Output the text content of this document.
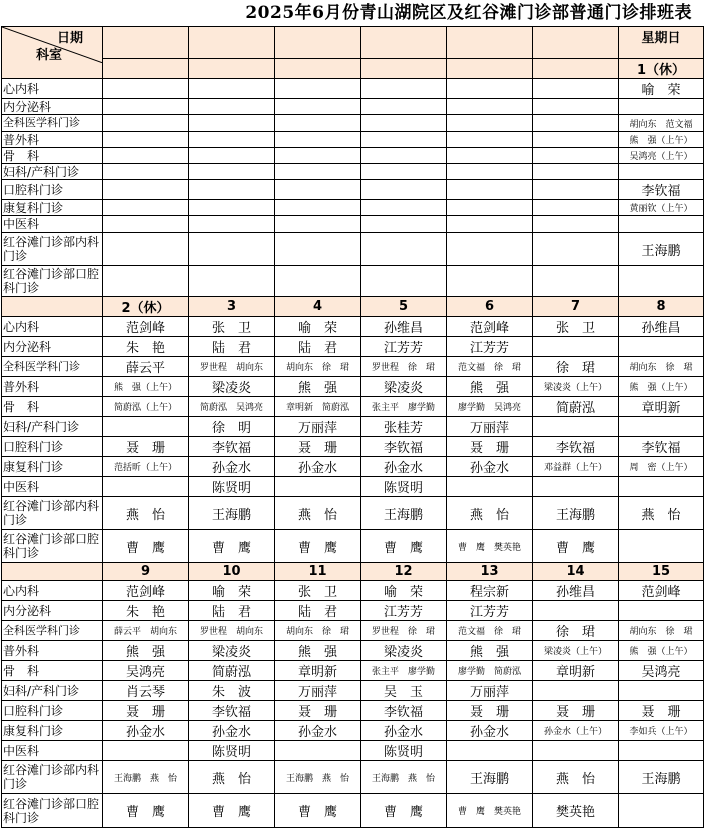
2025年6月份青山湖院区及红谷滩门诊部普通门诊排班表
日期
科室							星期日
							1（休）
心内科							喻　荣
内分泌科							
全科医学科门诊							胡向东　范文福
普外科							熊　强（上午）
骨　科							吴鸿亮（上午）
妇科/产科门诊							
口腔科门诊							李钦福
康复科门诊							黄丽钦（上午）
中医科							
红谷滩门诊部内科门诊							王海鹏
红谷滩门诊部口腔科门诊							
	2（休）	3	4	5	6	7	8
心内科	范剑峰	张　卫	喻　荣	孙维昌	范剑峰	张　卫	孙维昌
内分泌科	朱　艳	陆　君	陆　君	江芳芳	江芳芳		
全科医学科门诊	薛云平	罗世程　胡向东	胡向东　徐　珺	罗世程　徐　珺	范文福　徐　珺	徐　珺	胡向东　徐　珺
普外科	熊　强（上午）	梁凌炎	熊　强	梁凌炎	熊　强	梁凌炎（上午）	熊　强（上午）
骨　科	简蔚泓（上午）	简蔚泓　吴鸿亮	章明新　简蔚泓	张主平　廖学勤	廖学勤　吴鸿亮	简蔚泓	章明新
妇科/产科门诊		徐　明	万丽萍	张桂芳	万丽萍		
口腔科门诊	聂　珊	李钦福	聂　珊	李钦福	聂　珊	李钦福	李钦福
康复科门诊	范括昕（上午）	孙金水	孙金水	孙金水	孙金水	邓益群（上午）	周　密（上午）
中医科		陈贤明		陈贤明			
红谷滩门诊部内科门诊	燕　怡	王海鹏	燕　怡	王海鹏	燕　怡	王海鹏	燕　怡
红谷滩门诊部口腔科门诊	曹　鹰	曹　鹰	曹　鹰	曹　鹰	曹　鹰　樊英艳	曹　鹰	
	9	10	11	12	13	14	15
心内科	范剑峰	喻　荣	张　卫	喻　荣	程宗新	孙维昌	范剑峰
内分泌科	朱　艳	陆　君	陆　君	江芳芳	江芳芳		
全科医学科门诊	薛云平　胡向东	罗世程　胡向东	胡向东　徐　珺	罗世程　徐　珺	范文福　徐　珺	徐　珺	胡向东　徐　珺
普外科	熊　强	梁凌炎	熊　强	梁凌炎	熊　强	梁凌炎（上午）	熊　强（上午）
骨　科	吴鸿亮	简蔚泓	章明新	张主平　廖学勤	廖学勤　简蔚泓	章明新	吴鸿亮
妇科/产科门诊	肖云琴	朱　波	万丽萍	吴　玉	万丽萍		
口腔科门诊	聂　珊	李钦福	聂　珊	李钦福	聂　珊	聂　珊	聂　珊
康复科门诊	孙金水	孙金水	孙金水	孙金水	孙金水	孙金水（上午）	李如兵（上午）
中医科		陈贤明		陈贤明			
红谷滩门诊部内科门诊	王海鹏　燕　怡	燕　怡	王海鹏　燕　怡	王海鹏　燕　怡	王海鹏	燕　怡	王海鹏
红谷滩门诊部口腔科门诊	曹　鹰	曹　鹰	曹　鹰	曹　鹰	曹　鹰　樊英艳	樊英艳	
